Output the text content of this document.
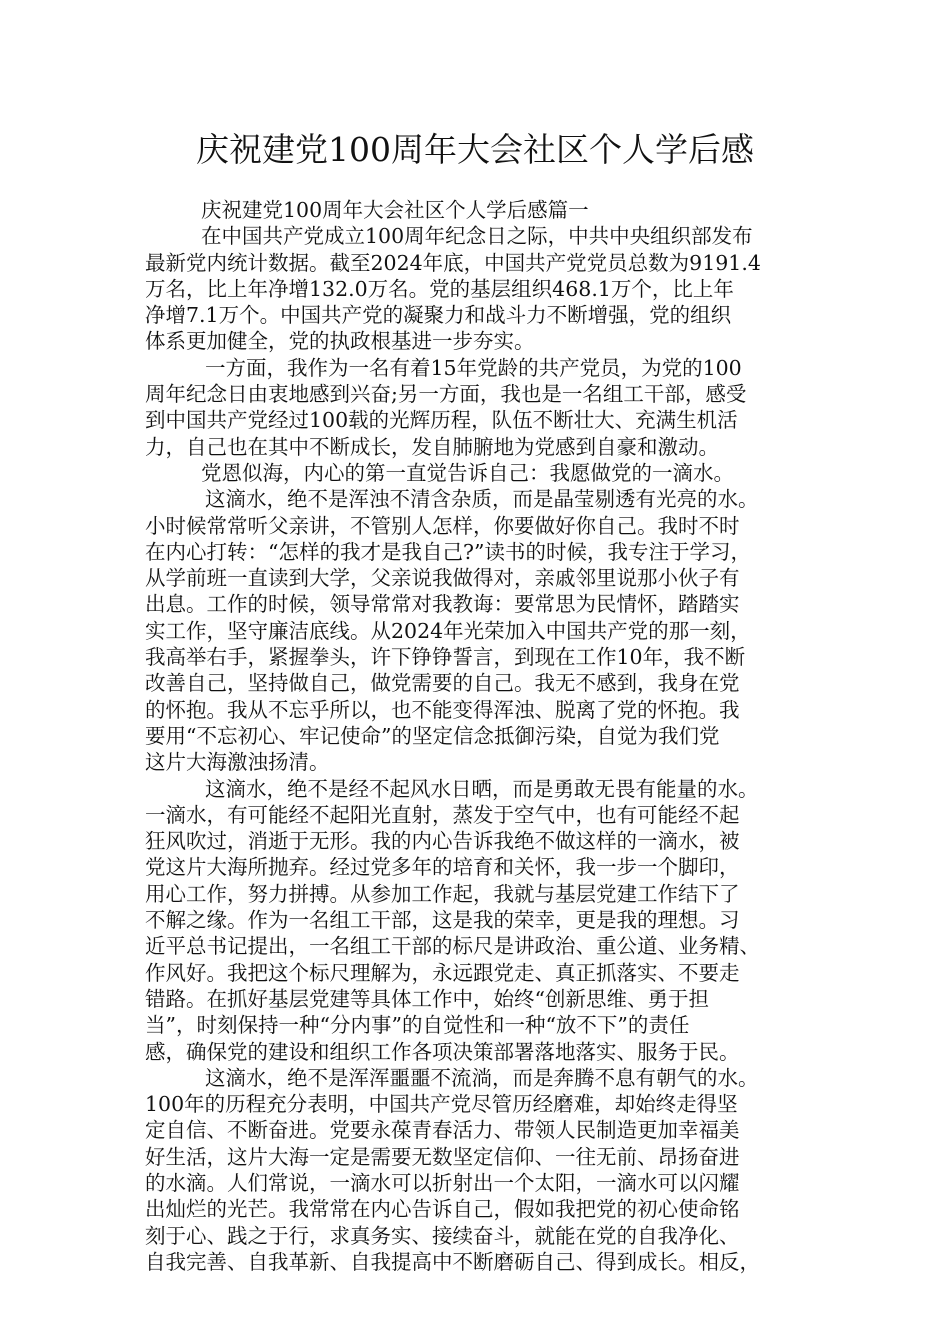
庆祝建党100周年大会社区个人学后感
庆祝建党100周年大会社区个人学后感篇一
在中国共产党成立100周年纪念日之际，中共中央组织部发布
最新党内统计数据。截至2024年底，中国共产党党员总数为9191.4
万名，比上年净增132.0万名。党的基层组织468.1万个，比上年
净增7.1万个。中国共产党的凝聚力和战斗力不断增强，党的组织
体系更加健全，党的执政根基进一步夯实。
一方面，我作为一名有着15年党龄的共产党员，为党的100
周年纪念日由衷地感到兴奋;另一方面，我也是一名组工干部，感受
到中国共产党经过100载的光辉历程，队伍不断壮大、充满生机活
力，自己也在其中不断成长，发自肺腑地为党感到自豪和激动。
党恩似海，内心的第一直觉告诉自己：我愿做党的一滴水。
这滴水，绝不是浑浊不清含杂质，而是晶莹剔透有光亮的水。
小时候常常听父亲讲，不管别人怎样，你要做好你自己。我时不时
在内心打转：“怎样的我才是我自己?”读书的时候，我专注于学习，
从学前班一直读到大学，父亲说我做得对，亲戚邻里说那小伙子有
出息。工作的时候，领导常常对我教诲：要常思为民情怀，踏踏实
实工作，坚守廉洁底线。从2024年光荣加入中国共产党的那一刻，
我高举右手，紧握拳头，许下铮铮誓言，到现在工作10年，我不断
改善自己，坚持做自己，做党需要的自己。我无不感到，我身在党
的怀抱。我从不忘乎所以，也不能变得浑浊、脱离了党的怀抱。我
要用“不忘初心、牢记使命”的坚定信念抵御污染，自觉为我们党
这片大海激浊扬清。
这滴水，绝不是经不起风水日晒，而是勇敢无畏有能量的水。
一滴水，有可能经不起阳光直射，蒸发于空气中，也有可能经不起
狂风吹过，消逝于无形。我的内心告诉我绝不做这样的一滴水，被
党这片大海所抛弃。经过党多年的培育和关怀，我一步一个脚印，
用心工作，努力拼搏。从参加工作起，我就与基层党建工作结下了
不解之缘。作为一名组工干部，这是我的荣幸，更是我的理想。习
近平总书记提出，一名组工干部的标尺是讲政治、重公道、业务精、
作风好。我把这个标尺理解为，永远跟党走、真正抓落实、不要走
错路。在抓好基层党建等具体工作中，始终“创新思维、勇于担
当”，时刻保持一种“分内事”的自觉性和一种“放不下”的责任
感，确保党的建设和组织工作各项决策部署落地落实、服务于民。
这滴水，绝不是浑浑噩噩不流淌，而是奔腾不息有朝气的水。
100年的历程充分表明，中国共产党尽管历经磨难，却始终走得坚
定自信、不断奋进。党要永葆青春活力、带领人民制造更加幸福美
好生活，这片大海一定是需要无数坚定信仰、一往无前、昂扬奋进
的水滴。人们常说，一滴水可以折射出一个太阳，一滴水可以闪耀
出灿烂的光芒。我常常在内心告诉自己，假如我把党的初心使命铭
刻于心、践之于行，求真务实、接续奋斗，就能在党的自我净化、
自我完善、自我革新、自我提高中不断磨砺自己、得到成长。相反，
